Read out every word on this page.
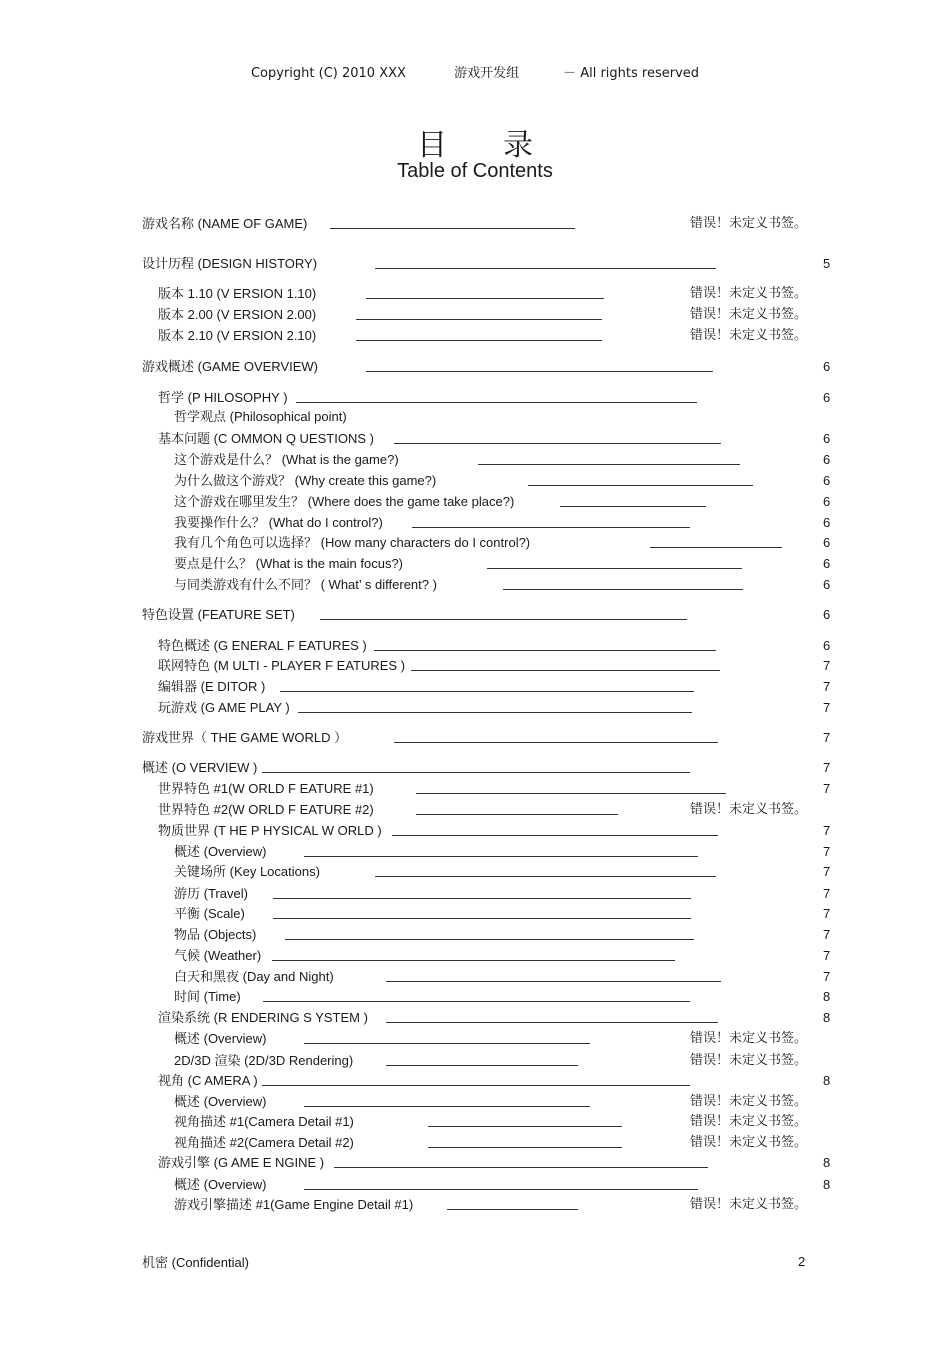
Copyright (C) 2010 XXX	游戏开发组	－ All rights reserved
目录
Table of Contents
游戏名称 (NAME OF GAME)	错误！未定义书签。
设计历程 (DESIGN HISTORY)	5
版本 1.10 (V ERSION 1.10)	错误！未定义书签。
版本 2.00 (V ERSION 2.00)	错误！未定义书签。
版本 2.10 (V ERSION 2.10)	错误！未定义书签。
游戏概述 (GAME OVERVIEW)	6
哲学 (P HILOSOPHY )	6
哲学观点 (Philosophical point)
基本问题 (C OMMON Q UESTIONS )	6
这个游戏是什么？ (What is the game?)	6
为什么做这个游戏？ (Why create this game?)	6
这个游戏在哪里发生？ (Where does the game take place?)	6
我要操作什么？ (What do I control?)	6
我有几个角色可以选择？ (How many characters do I control?)	6
要点是什么？ (What is the main focus?)	6
与同类游戏有什么不同？ ( What’ s different? )	6
特色设置 (FEATURE SET)	6
特色概述 (G ENERAL F EATURES )	6
联网特色 (M ULTI - PLAYER F EATURES )	7
编辑器 (E DITOR )	7
玩游戏 (G AME PLAY )	7
游戏世界（ THE GAME WORLD ）	7
概述 (O VERVIEW )	7
世界特色 #1(W ORLD F EATURE #1)	7
世界特色 #2(W ORLD F EATURE #2)	错误！未定义书签。
物质世界 (T HE P HYSICAL W ORLD )	7
概述 (Overview)	7
关键场所 (Key Locations)	7
游历 (Travel)	7
平衡 (Scale)	7
物品 (Objects)	7
气候 (Weather)	7
白天和黑夜 (Day and Night)	7
时间 (Time)	8
渲染系统 (R ENDERING S YSTEM )	8
概述 (Overview)	错误！未定义书签。
2D/3D 渲染 (2D/3D Rendering)	错误！未定义书签。
视角 (C AMERA )	8
概述 (Overview)	错误！未定义书签。
视角描述 #1(Camera Detail #1)	错误！未定义书签。
视角描述 #2(Camera Detail #2)	错误！未定义书签。
游戏引擎 (G AME E NGINE )	8
概述 (Overview)	8
游戏引擎描述 #1(Game Engine Detail #1)	错误！未定义书签。
机密 (Confidential)	2
